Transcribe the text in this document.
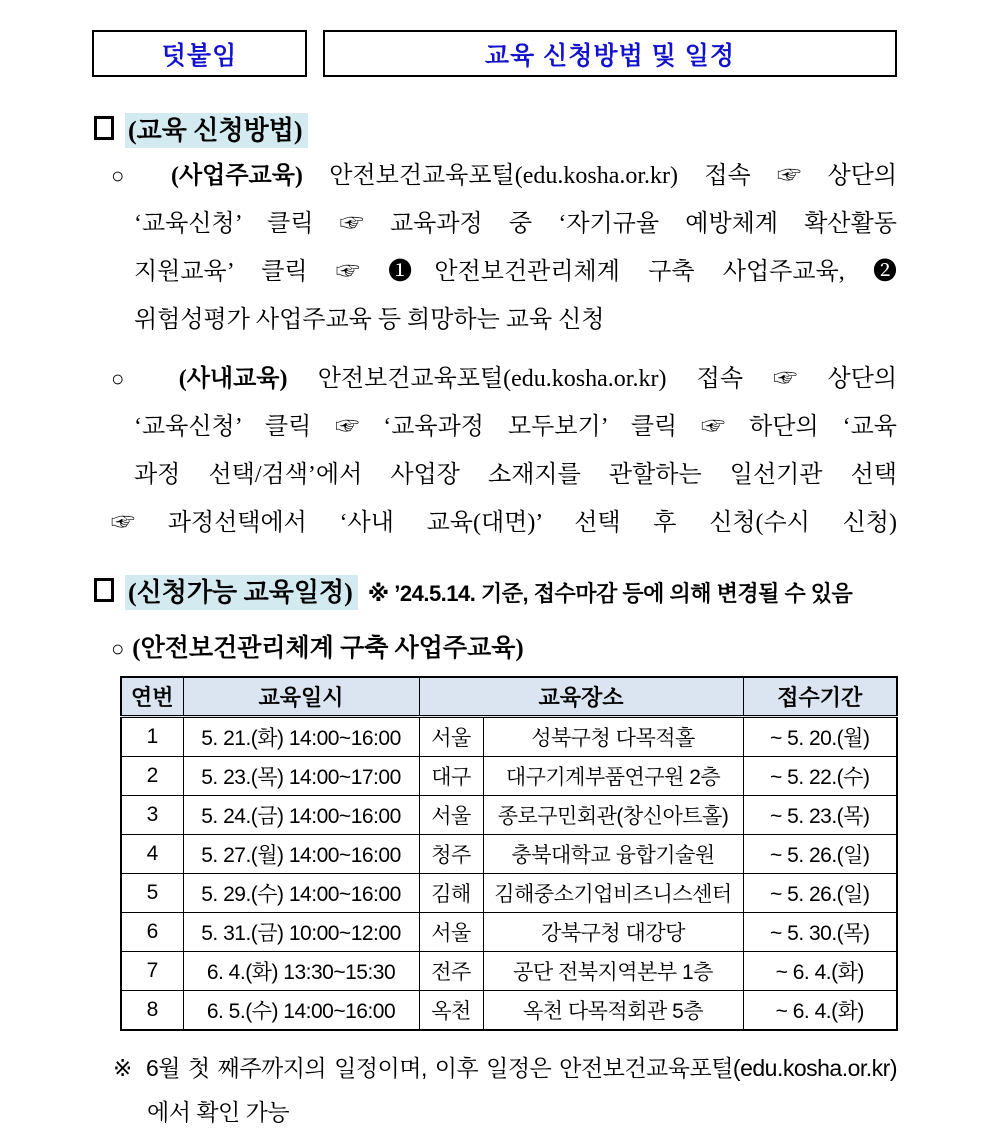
덧붙임	교육 신청방법 및 일정
(교육 신청방법)
○ (사업주교육) 안전보건교육포털(edu.kosha.or.kr) 접속 ☞ 상단의
‘교육신청’ 클릭 ☞ 교육과정 중 ‘자기규율 예방체계 확산활동
지원교육’ 클릭 ☞ ❶안전보건관리체계 구축 사업주교육, ❷
위험성평가 사업주교육 등 희망하는 교육 신청
○ (사내교육) 안전보건교육포털(edu.kosha.or.kr) 접속 ☞ 상단의
‘교육신청’ 클릭 ☞ ‘교육과정 모두보기’ 클릭 ☞ 하단의 ‘교육
과정 선택/검색’에서 사업장 소재지를 관할하는 일선기관 선택
☞ 과정선택에서 ‘사내 교육(대면)’ 선택 후 신청(수시 신청)
(신청가능 교육일정) ※ ’24.5.14. 기준, 접수마감 등에 의해 변경될 수 있음
○ (안전보건관리체계 구축 사업주교육)
연번	교육일시	교육장소		접수기간
1	5. 21.(화) 14:00~16:00	서울	성북구청 다목적홀	~ 5. 20.(월)
2	5. 23.(목) 14:00~17:00	대구	대구기계부품연구원 2층	~ 5. 22.(수)
3	5. 24.(금) 14:00~16:00	서울	종로구민회관(창신아트홀)	~ 5. 23.(목)
4	5. 27.(월) 14:00~16:00	청주	충북대학교 융합기술원	~ 5. 26.(일)
5	5. 29.(수) 14:00~16:00	김해	김해중소기업비즈니스센터	~ 5. 26.(일)
6	5. 31.(금) 10:00~12:00	서울	강북구청 대강당	~ 5. 30.(목)
7	6. 4.(화) 13:30~15:30	전주	공단 전북지역본부 1층	~ 6. 4.(화)
8	6. 5.(수) 14:00~16:00	옥천	옥천 다목적회관 5층	~ 6. 4.(화)
※ 6월 첫 째주까지의 일정이며, 이후 일정은 안전보건교육포털(edu.kosha.or.kr)
에서 확인 가능
